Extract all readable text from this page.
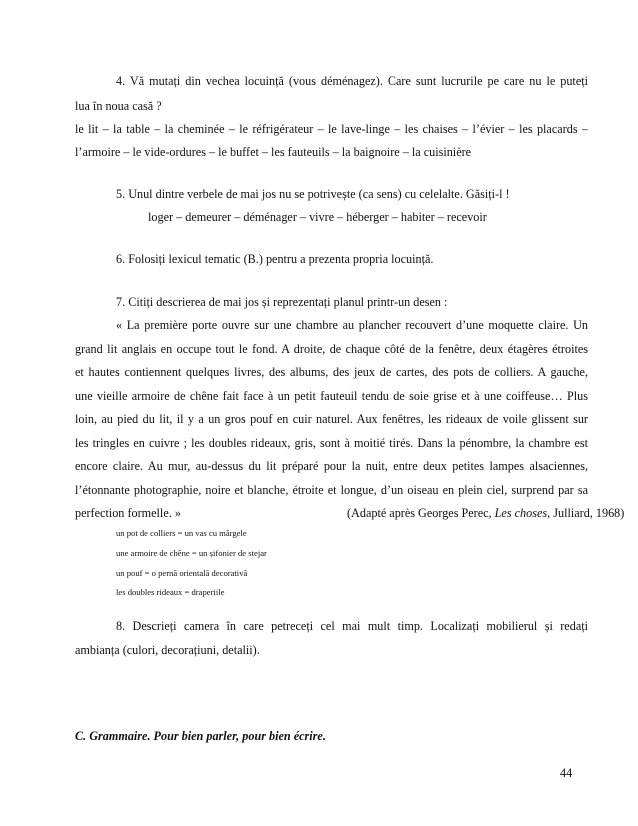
4. Vă mutați din vechea locuință (vous déménagez). Care sunt lucrurile pe care nu le puteți
lua în noua casă ?
le lit – la table – la cheminée – le réfrigérateur – le lave-linge – les chaises – l’évier – les placards –
l’armoire – le vide-ordures – le buffet – les fauteuils – la baignoire – la cuisinière
5. Unul dintre verbele de mai jos nu se potrivește (ca sens) cu celelalte. Găsiți-l !
loger – demeurer – déménager – vivre – héberger – habiter – recevoir
6. Folosiți lexicul tematic (B.) pentru a prezenta propria locuință.
7. Citiți descrierea de mai jos și reprezentați planul printr-un desen :
« La première porte ouvre sur une chambre au plancher recouvert d’une moquette claire. Un
grand lit anglais en occupe tout le fond. A droite, de chaque côté de la fenêtre, deux étagères étroites
et hautes contiennent quelques livres, des albums, des jeux de cartes, des pots de colliers. A gauche,
une vieille armoire de chêne fait face à un petit fauteuil tendu de soie grise et à une coiffeuse… Plus
loin, au pied du lit, il y a un gros pouf en cuir naturel. Aux fenêtres, les rideaux de voile glissent sur
les tringles en cuivre ; les doubles rideaux, gris, sont à moitié tirés. Dans la pénombre, la chambre est
encore claire. Au mur, au-dessus du lit préparé pour la nuit, entre deux petites lampes alsaciennes,
l’étonnante photographie, noire et blanche, étroite et longue, d’un oiseau en plein ciel, surprend par sa
perfection formelle. »	(Adapté après Georges Perec, Les choses, Julliard, 1968)
un pot de colliers = un vas cu mărgele
une armoire de chêne = un șifonier de stejar
un pouf = o pernă orientală decorativă
les doubles rideaux = draperiile
8. Descrieți camera în care petreceți cel mai mult timp. Localizați mobilierul și redați
ambianța (culori, decorațiuni, detalii).
C. Grammaire. Pour bien parler, pour bien écrire.
44
